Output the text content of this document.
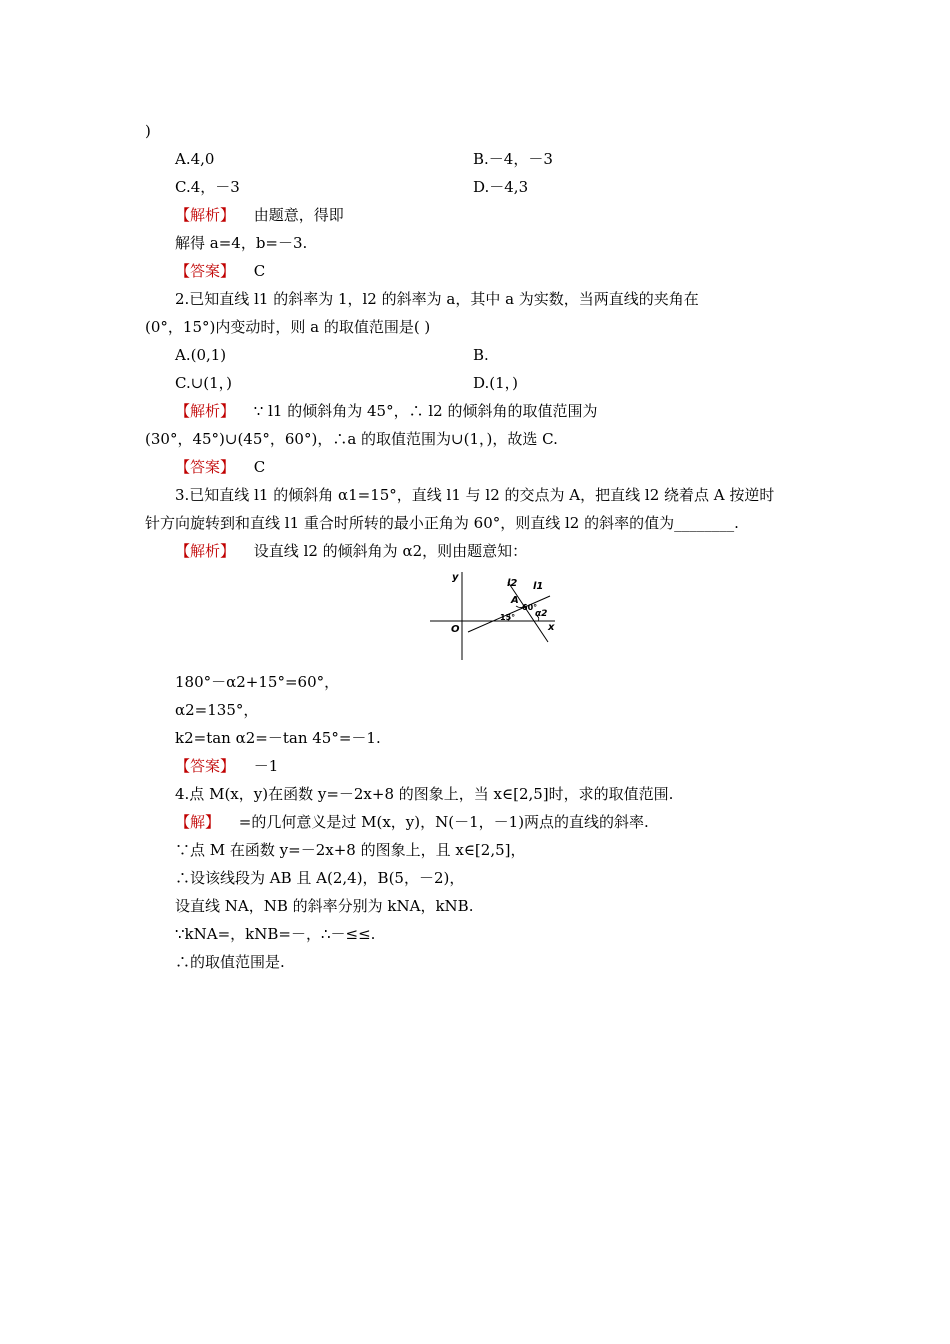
)
A.4,0	B.－4，－3
C.4，－3	D.－4,3
【解析】 由题意，得即
解得 a=4，b=－3.
【答案】 C
2.已知直线 l1 的斜率为 1，l2 的斜率为 a，其中 a 为实数，当两直线的夹角在
(0°，15°)内变动时，则 a 的取值范围是( )
A.(0,1)	B.
C.∪(1，)	D.(1，)
【解析】 ∵ l1 的倾斜角为 45°，∴ l2 的倾斜角的取值范围为
(30°，45°)∪(45°，60°)，∴a 的取值范围为∪(1，)，故选 C.
【答案】 C
3.已知直线 l1 的倾斜角 α1=15°，直线 l1 与 l2 的交点为 A，把直线 l2 绕着点 A 按逆时
针方向旋转到和直线 l1 重合时所转的最小正角为 60°，则直线 l2 的斜率的值为________.
【解析】 设直线 l2 的倾斜角为 α2，则由题意知：
y
x
O
l2 l1
A
60°
α2
15°
180°－α2+15°=60°，
α2=135°，
k2=tan α2=－tan 45°=－1.
【答案】 －1
4.点 M(x，y)在函数 y=－2x+8 的图象上，当 x∈[2,5]时，求的取值范围.
【解】 =的几何意义是过 M(x，y)，N(－1，－1)两点的直线的斜率.
∵点 M 在函数 y=－2x+8 的图象上，且 x∈[2,5]，
∴设该线段为 AB 且 A(2,4)，B(5，－2)，
设直线 NA，NB 的斜率分别为 kNA，kNB.
∵kNA=，kNB=－，∴－≤≤.
∴的取值范围是.
